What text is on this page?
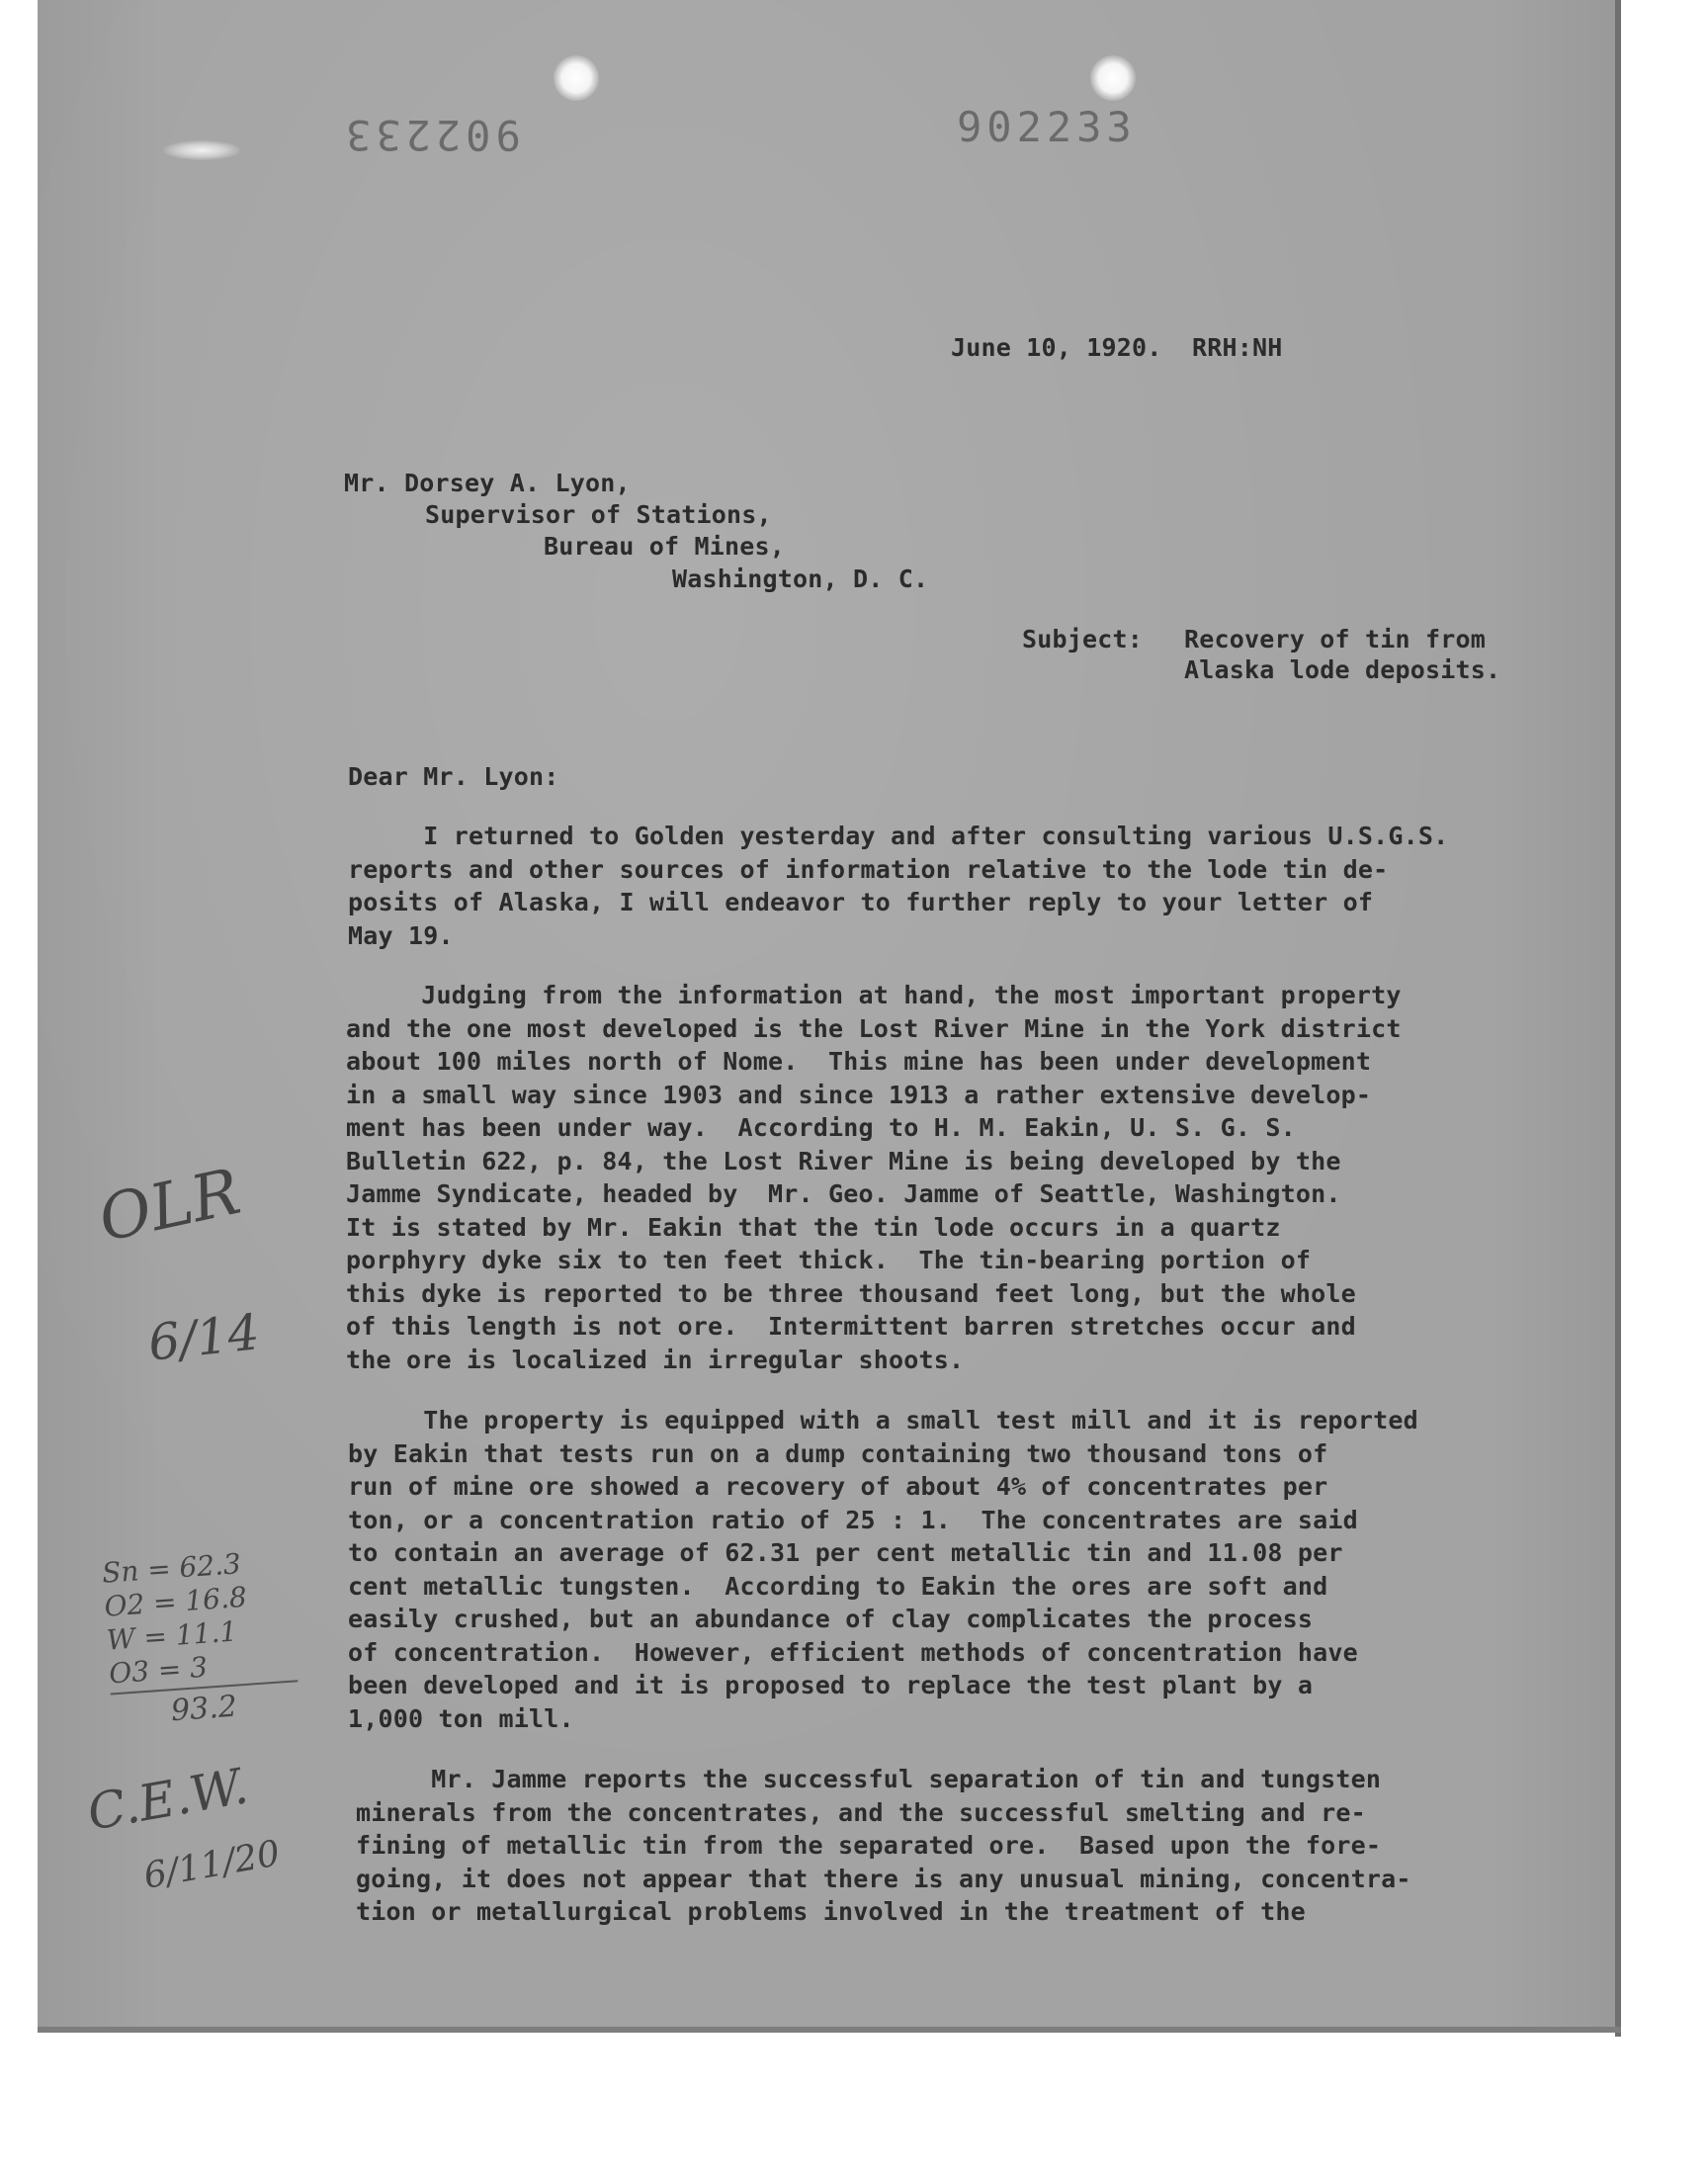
902233	902233
June 10, 1920.  RRH:NH
Mr. Dorsey A. Lyon,
Supervisor of Stations,
Bureau of Mines,
Washington, D. C.
Subject: Recovery of tin from
Alaska lode deposits.
Dear Mr. Lyon:
I returned to Golden yesterday and after consulting various U.S.G.S.
reports and other sources of information relative to the lode tin de-
posits of Alaska, I will endeavor to further reply to your letter of
May 19.
Judging from the information at hand, the most important property
and the one most developed is the Lost River Mine in the York district
about 100 miles north of Nome.  This mine has been under development
in a small way since 1903 and since 1913 a rather extensive develop-
ment has been under way.  According to H. M. Eakin, U. S. G. S.
Bulletin 622, p. 84, the Lost River Mine is being developed by the
Jamme Syndicate, headed by  Mr. Geo. Jamme of Seattle, Washington.
It is stated by Mr. Eakin that the tin lode occurs in a quartz
porphyry dyke six to ten feet thick.  The tin-bearing portion of
this dyke is reported to be three thousand feet long, but the whole
of this length is not ore.  Intermittent barren stretches occur and
the ore is localized in irregular shoots.
The property is equipped with a small test mill and it is reported
by Eakin that tests run on a dump containing two thousand tons of
run of mine ore showed a recovery of about 4% of concentrates per
ton, or a concentration ratio of 25 : 1.  The concentrates are said
to contain an average of 62.31 per cent metallic tin and 11.08 per
cent metallic tungsten.  According to Eakin the ores are soft and
easily crushed, but an abundance of clay complicates the process
of concentration.  However, efficient methods of concentration have
been developed and it is proposed to replace the test plant by a
1,000 ton mill.
Mr. Jamme reports the successful separation of tin and tungsten
minerals from the concentrates, and the successful smelting and re-
fining of metallic tin from the separated ore.  Based upon the fore-
going, it does not appear that there is any unusual mining, concentra-
tion or metallurgical problems involved in the treatment of the
OLR
6/14
Sn = 62.3
O2 = 16.8
W = 11.1
O3 = 3
93.2
C.E.W.
6/11/20
